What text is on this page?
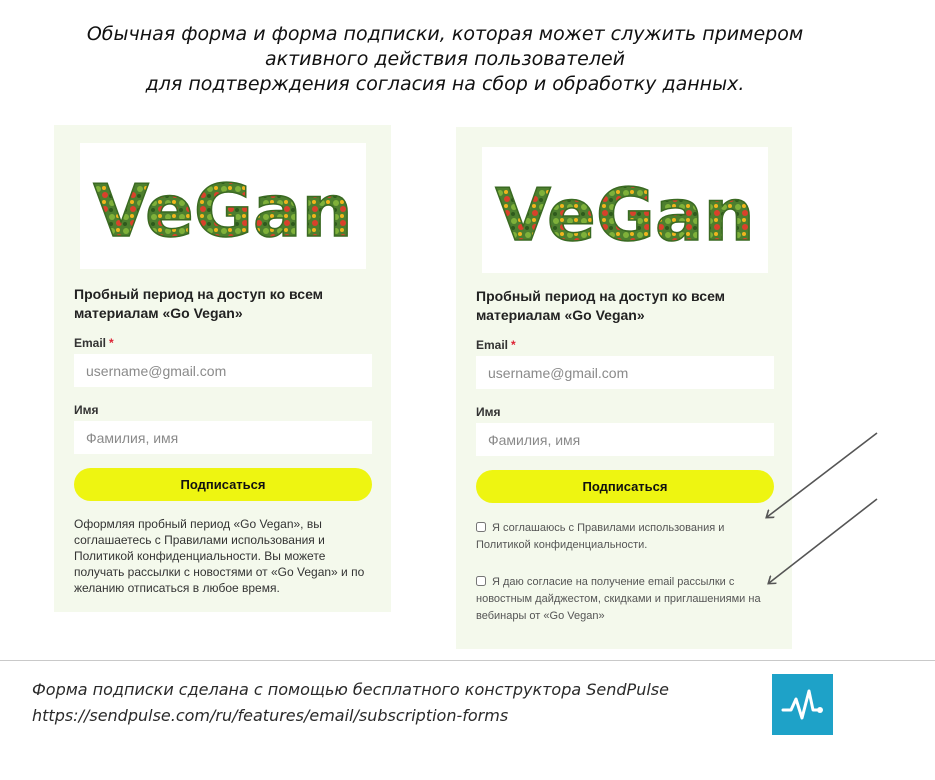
Обычная форма и форма подписки, которая может служить примером
активного действия пользователей
для подтверждения согласия на сбор и обработку данных.
VeGan
Пробный период на доступ ко всем материалам «Go Vegan»
Email *
username@gmail.com
Имя
Фамилия, имя
Подписаться
Оформляя пробный период «Go Vegan», вы соглашаетесь с Правилами использования и Политикой конфиденциальности. Вы можете получать рассылки с новостями от «Go Vegan» и по желанию отписаться в любое время.
VeGan
Пробный период на доступ ко всем материалам «Go Vegan»
Email *
username@gmail.com
Имя
Фамилия, имя
Подписаться
Я соглашаюсь с Правилами использования и Политикой конфиденциальности.
Я даю согласие на получение email рассылки с новостным дайджестом, скидками и приглашениями на вебинары от «Go Vegan»
Форма подписки сделана с помощью бесплатного конструктора SendPulse
https://sendpulse.com/ru/features/email/subscription-forms
